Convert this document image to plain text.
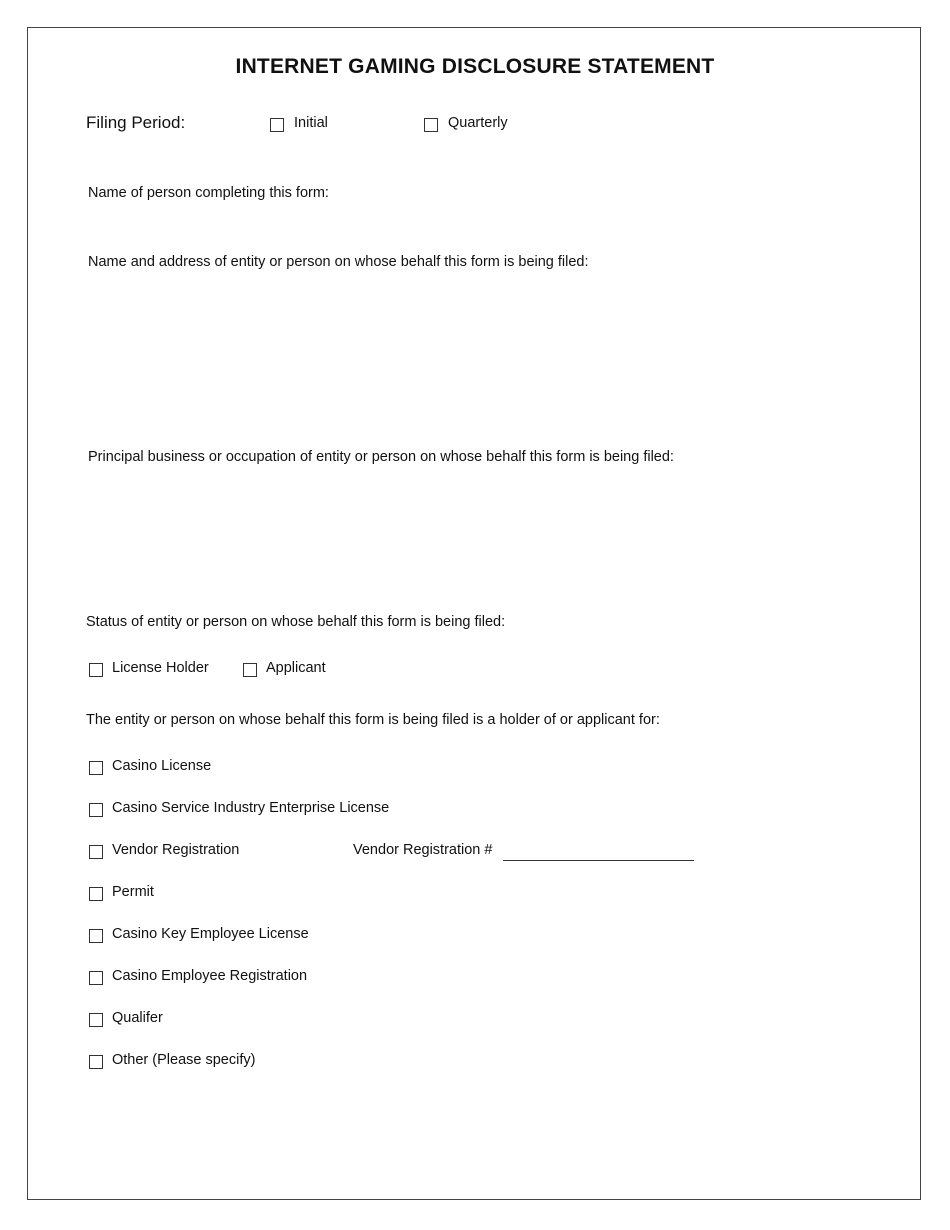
INTERNET GAMING DISCLOSURE STATEMENT
Filing Period:	Initial	Quarterly
Name of person completing this form:
Name and address of entity or person on whose behalf this form is being filed:
Principal business or occupation of entity or person on whose behalf this form is being filed:
Status of entity or person on whose behalf this form is being filed:
License Holder	Applicant
The entity or person on whose behalf this form is being filed is a holder of or applicant for:
Casino License
Casino Service Industry Enterprise License
Vendor Registration	Vendor Registration #
Permit
Casino Key Employee License
Casino Employee Registration
Qualifer
Other (Please specify)
